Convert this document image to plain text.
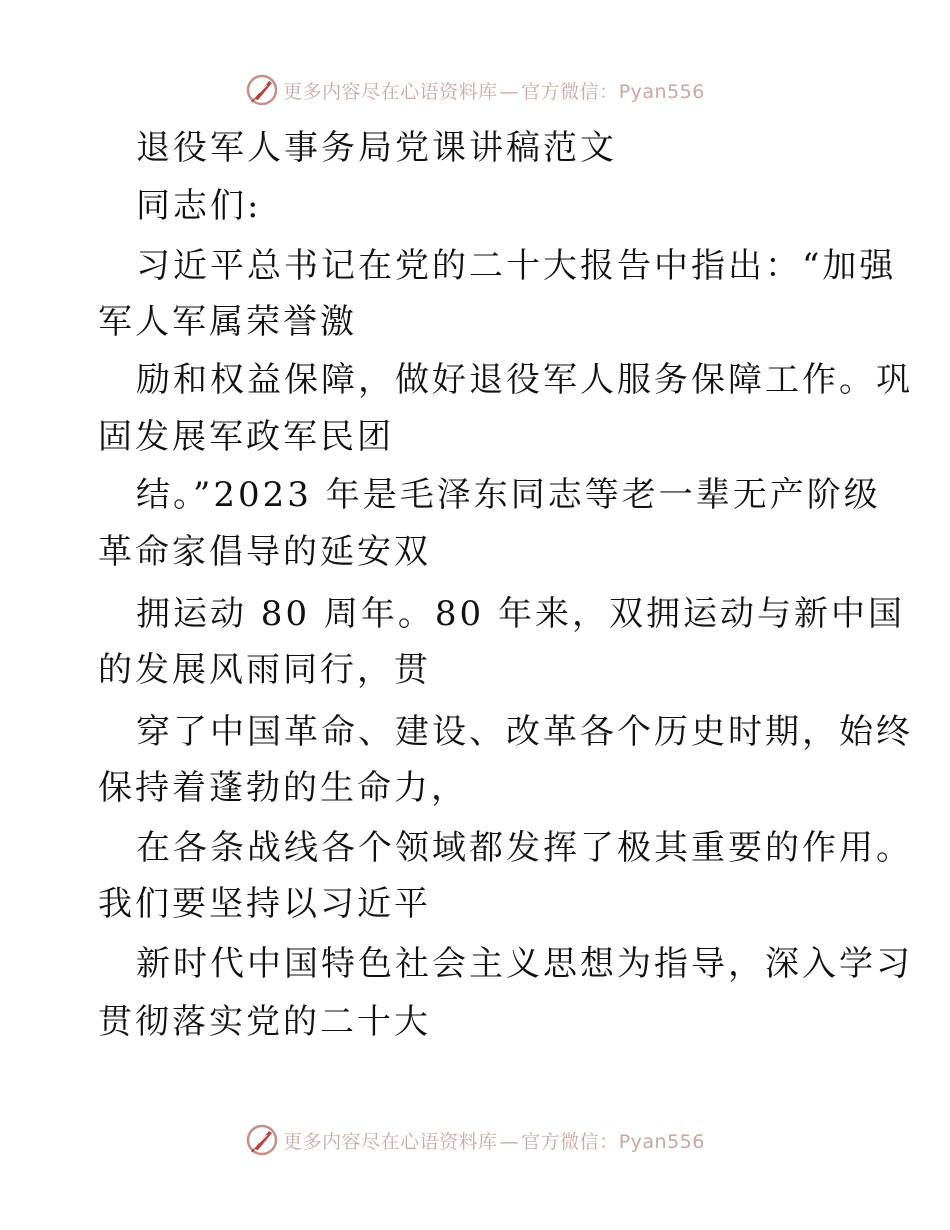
更多内容尽在心语资料库 — 官方微信：Pyan556
退役军人事务局党课讲稿范文
同志们:
习近平总书记在党的二十大报告中指出：“加强
军人军属荣誉激
励和权益保障，做好退役军人服务保障工作。巩
固发展军政军民团
结。”2023 年是毛泽东同志等老一辈无产阶级
革命家倡导的延安双
拥运动 80 周年。80 年来，双拥运动与新中国
的发展风雨同行，贯
穿了中国革命、建设、改革各个历史时期，始终
保持着蓬勃的生命力，
在各条战线各个领域都发挥了极其重要的作用。
我们要坚持以习近平
新时代中国特色社会主义思想为指导，深入学习
贯彻落实党的二十大
更多内容尽在心语资料库 — 官方微信：Pyan556
